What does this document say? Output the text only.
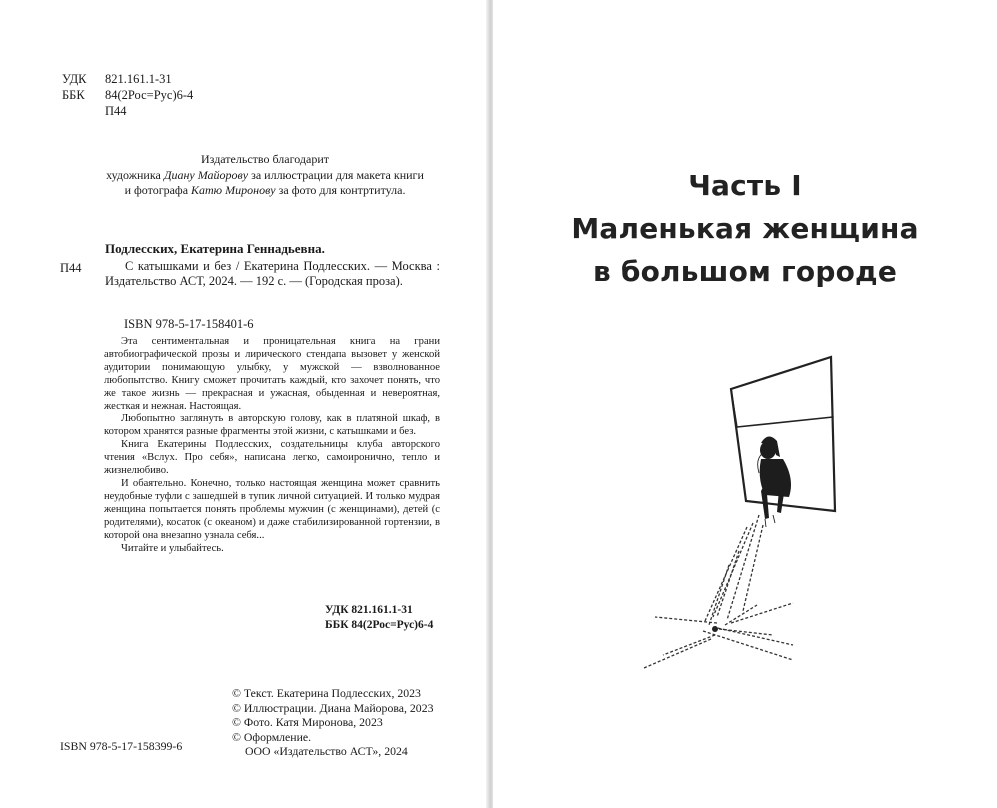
УДК	821.161.1-31
ББК	84(2Рос=Рус)6-4
П44
Издательство благодарит
художника Диану Майорову за иллюстрации для макета книги
и фотографа Катю Миронову за фото для контртитула.
Подлесских, Екатерина Геннадьевна.
П44	С катышками и без / Екатерина Подлесских. — Москва : Издательство АСТ, 2024. — 192 с. — (Городская проза).
ISBN 978-5-17-158401-6

Эта сентиментальная и проницательная книга на грани автобиографической прозы и лирического стендапа вызовет у женской аудитории понимающую улыбку, у мужской — взволнованное любопытство. Книгу сможет прочитать каждый, кто захочет понять, что же такое жизнь — прекрасная и ужасная, обыденная и невероятная, жесткая и нежная. Настоящая.

Любопытно заглянуть в авторскую голову, как в платяной шкаф, в котором хранятся разные фрагменты этой жизни, с катышками и без.

Книга Екатерины Подлесских, создательницы клуба авторского чтения «Вслух. Про себя», написана легко, самоиронично, тепло и жизнелюбиво.

И обаятельно. Конечно, только настоящая женщина может сравнить неудобные туфли с зашедшей в тупик личной ситуацией. И только мудрая женщина попытается понять проблемы мужчин (с женщинами), детей (с родителями), косаток (с океаном) и даже стабилизированной гортензии, в которой она внезапно узнала себя...

Читайте и улыбайтесь.

УДК 821.161.1-31
ББК 84(2Рос=Рус)6-4
© Текст. Екатерина Подлесских, 2023
© Иллюстрации. Диана Майорова, 2023
© Фото. Катя Миронова, 2023
© Оформление.
ООО «Издательство АСТ», 2024
ISBN 978-5-17-158399-6
Часть I
Маленькая женщина
в большом городе
